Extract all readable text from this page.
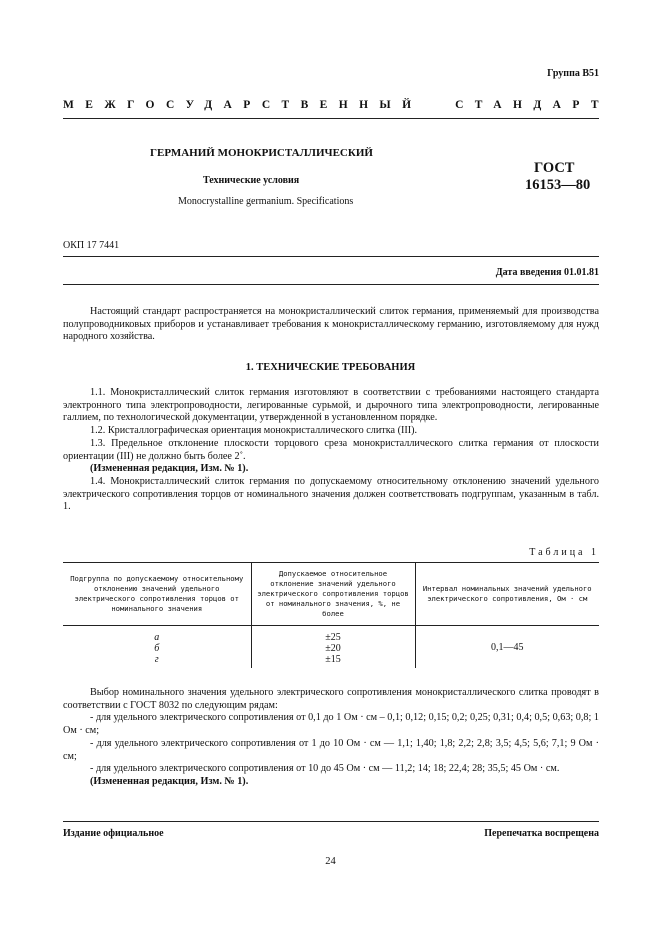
Группа В51
МЕЖГОСУДАРСТВЕННЫЙ	СТАНДАРТ
ГЕРМАНИЙ МОНОКРИСТАЛЛИЧЕСКИЙ
Технические условия
Monocrystalline germanium. Specifications
ГОСТ
16153—80
ОКП 17 7441
Дата введения 01.01.81

Настоящий стандарт распространяется на монокристаллический слиток германия, применяемый для производства полупроводниковых приборов и устанавливает требования к монокристаллическому германию, изготовляемому для нужд народного хозяйства.

1. ТЕХНИЧЕСКИЕ ТРЕБОВАНИЯ

1.1. Монокристаллический слиток германия изготовляют в соответствии с требованиями настоящего стандарта электронного типа электропроводности, легированные сурьмой, и дырочного типа электропроводности, легированные галлием, по технологической документации, утвержденной в установленном порядке.

1.2. Кристаллографическая ориентация монокристаллического слитка (III).

1.3. Предельное отклонение плоскости торцового среза монокристаллического слитка германия от плоскости ориентации (III) не должно быть более 2˚.

(Измененная редакция, Изм. № 1).

1.4. Монокристаллический слиток германия по допускаемому относительному отклонению значений удельного электрического сопротивления торцов от номинального значения должен соответствовать подгруппам, указанным в табл. 1.

Таблица 1
Подгруппа по допускаемому относительному отклонению значений удельного электрического сопротивления торцов от номинального значения	Допускаемое относительное отклонение значений удельного электрического сопротивления торцов от номинального значения, %, не более	Интервал номинальных значений удельного электрического сопротивления, Ом · см
а	±25	0,1—45
б	±20	
г	±15	

Выбор номинального значения удельного электрического сопротивления монокристаллического слитка проводят в соответствии с ГОСТ 8032 по следующим рядам:

- для удельного электрического сопротивления от 0,1 до 1 Ом · см – 0,1; 0,12; 0,15; 0,2; 0,25; 0,31; 0,4; 0,5; 0,63; 0,8; 1 Ом · см;

- для удельного электрического сопротивления от 1 до 10 Ом · см — 1,1; 1,40; 1,8; 2,2; 2,8; 3,5; 4,5; 5,6; 7,1; 9 Ом · см;

- для удельного электрического сопротивления от 10 до 45 Ом · см — 11,2; 14; 18; 22,4; 28; 35,5; 45 Ом · см.

(Измененная редакция, Изм. № 1).

Издание официальное	Перепечатка воспрещена
24
